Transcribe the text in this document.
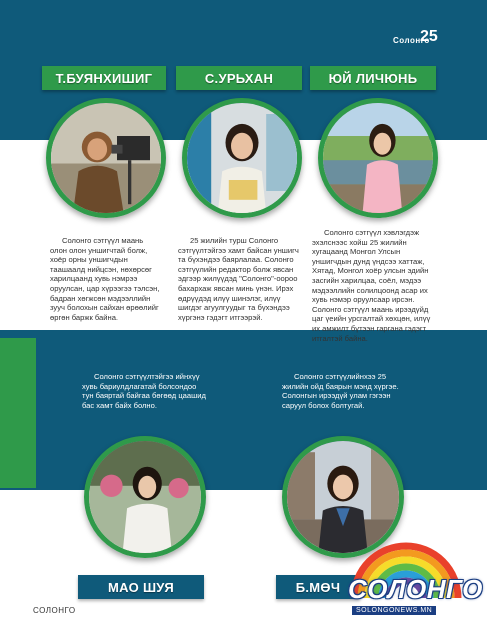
Солонго
25
Т.БУЯНХИШИГ	С.УРЬХАН	ЮЙ ЛИЧЮНЬ

Солонго сэтгүүл маань олон олон уншигчтай болж, хоёр орны уншигчдын таашаалд нийцсэн, нөхөрсөг харилцаанд хувь нэмрээ оруулсан, цар хүрээгээ тэлсэн, бадран хөгжсөн мэдээллийн зууч болохын сайхан өрөөлийг өргөн баржк байна.

25 жилийн турш Солонго сэтгүүлтэйгээ хамт байсан уншигч та бүхэндээ баярлалаа. Солонго сэтгүүлийн редактор болж явсан эдгээр жилүүдэд "Солонго"-оороо бахархаж явсан минь үнэн. Ирэх өдрүүдэд илүү шинэлэг, илүү шигдэг агуулгуудыг та бүхэндээ хүргэнэ гэдэгт итгээрэй.

Солонго сэтгүүл хэвлэгдэж эхэлснээс хойш 25 жилийн хугацаанд Монгол Улсын уншигчдын дунд үндсээ хаттаж, Хятад, Монгол хоёр улсын эдийн засгийн харилцаа, соёл, мэдээ мэдээллийн солилцоонд асар их хувь нэмэр оруулсаар ирсэн. Солонго сэтгүүл маань ирээдүйд цаг үеийн урсгалтай хөхцөн, илүү их амжилт бүтээн гаргана гэдэгт итгалтэй байна.

Солонго сэтгүүлтэйгээ ийнхүү хувь бариулдлагатай болсондоо тун баяртай байгаа бөгөөд цаашид бас хамт байх болно.

Солонго сэтгүүлийнхээ 25 жилийн ойд баярын мэнд хүргэе. Солонгын ирээдүй улам гэгээн саруул болох болтугай.

МАО ШУЯ	Б.МӨЧ
СОЛОНГО
СОЛОНГО
SOLONGONEWS.MN
